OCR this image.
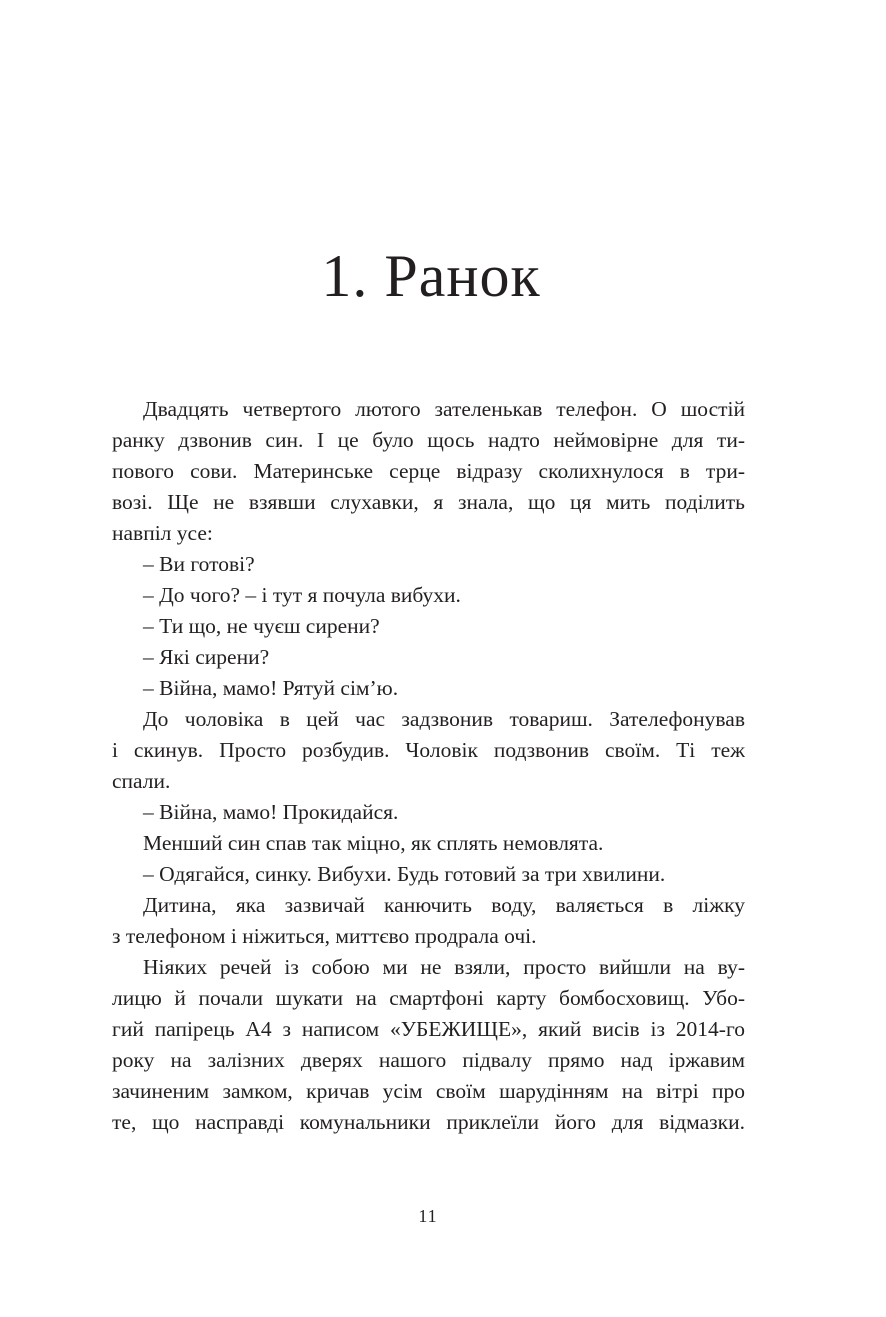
1. Ранок
Двадцять четвертого лютого зателенькав телефон. О шостій
ранку дзвонив син. І це було щось надто неймовірне для ти-
пового сови. Материнське серце відразу сколихнулося в три-
возі. Ще не взявши слухавки, я знала, що ця мить поділить
навпіл усе:
– Ви готові?
– До чого? – і тут я почула вибухи.
– Ти що, не чуєш сирени?
– Які сирени?
– Війна, мамо! Рятуй сім’ю.
До чоловіка в цей час задзвонив товариш. Зателефонував
і скинув. Просто розбудив. Чоловік подзвонив своїм. Ті теж
спали.
– Війна, мамо! Прокидайся.
Менший син спав так міцно, як сплять немовлята.
– Одягайся, синку. Вибухи. Будь готовий за три хвилини.
Дитина, яка зазвичай канючить воду, валяється в ліжку
з телефоном і ніжиться, миттєво продрала очі.
Ніяких речей із собою ми не взяли, просто вийшли на ву-
лицю й почали шукати на смартфоні карту бомбосховищ. Убо-
гий папірець А4 з написом «УБЕЖИЩЕ», який висів із 2014-го
року на залізних дверях нашого підвалу прямо над іржавим
зачиненим замком, кричав усім своїм шарудінням на вітрі про
те, що насправді комунальники приклеїли його для відмазки.
11
